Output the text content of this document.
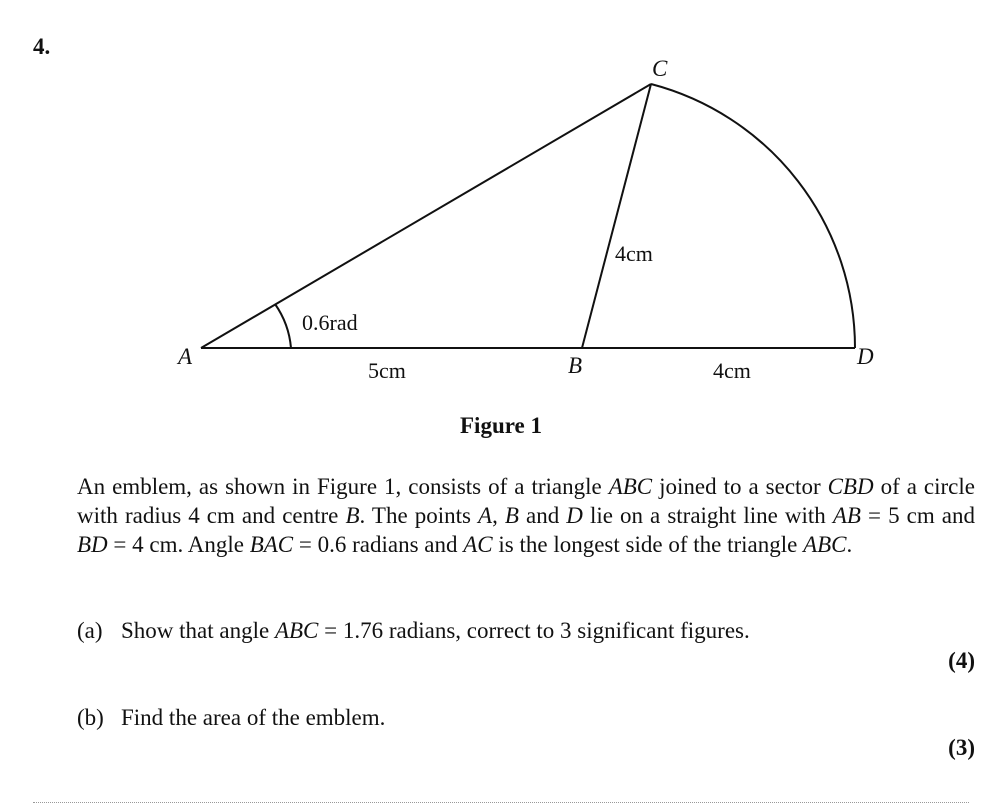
4.
A	B
C
D
0.6rad
5cm
4cm
4cm
Figure 1

An emblem, as shown in Figure 1, consists of a triangle ABC joined to a sector CBD of a circle with radius 4 cm and centre B. The points A, B and D lie on a straight line with AB = 5 cm and BD = 4 cm. Angle BAC = 0.6 radians and AC is the longest side of the triangle ABC.

(a) Show that angle ABC = 1.76 radians, correct to 3 significant figures.
(4)
(b) Find the area of the emblem.
(3)
